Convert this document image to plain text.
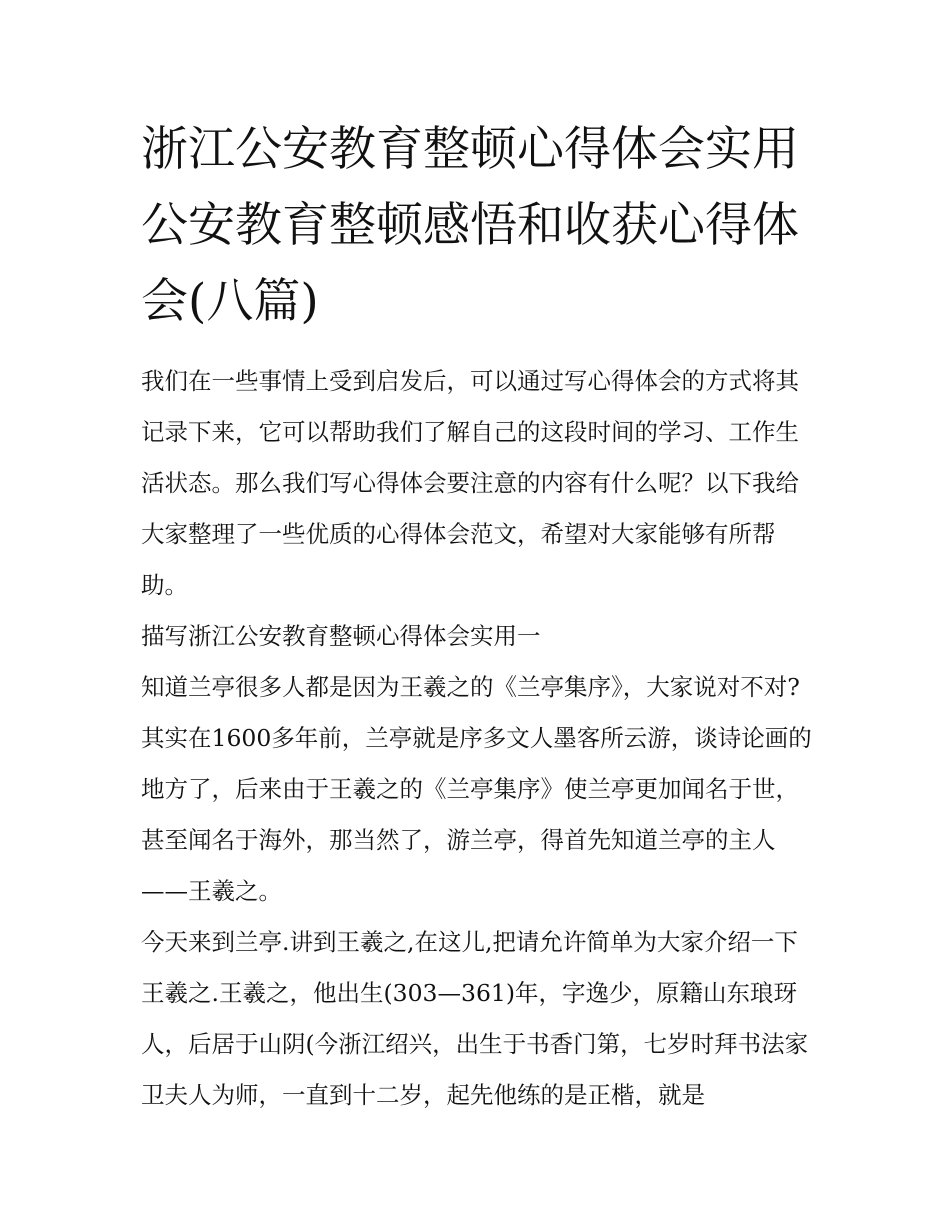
浙江公安教育整顿心得体会实用 公安教育整顿感悟和收获心得体会(八篇)

我们在一些事情上受到启发后，可以通过写心得体会的方式将其记录下来，它可以帮助我们了解自己的这段时间的学习、工作生活状态。那么我们写心得体会要注意的内容有什么呢？以下我给大家整理了一些优质的心得体会范文，希望对大家能够有所帮助。

描写浙江公安教育整顿心得体会实用一

知道兰亭很多人都是因为王羲之的《兰亭集序》，大家说对不对?其实在1600多年前，兰亭就是序多文人墨客所云游，谈诗论画的地方了，后来由于王羲之的《兰亭集序》使兰亭更加闻名于世，甚至闻名于海外，那当然了，游兰亭，得首先知道兰亭的主人——王羲之。

今天来到兰亭.讲到王羲之,在这儿,把请允许简单为大家介绍一下王羲之.王羲之，他出生(303—361)年，字逸少，原籍山东琅玡人，后居于山阴(今浙江绍兴，出生于书香门第，七岁时拜书法家卫夫人为师，一直到十二岁，起先他练的是正楷，就是
